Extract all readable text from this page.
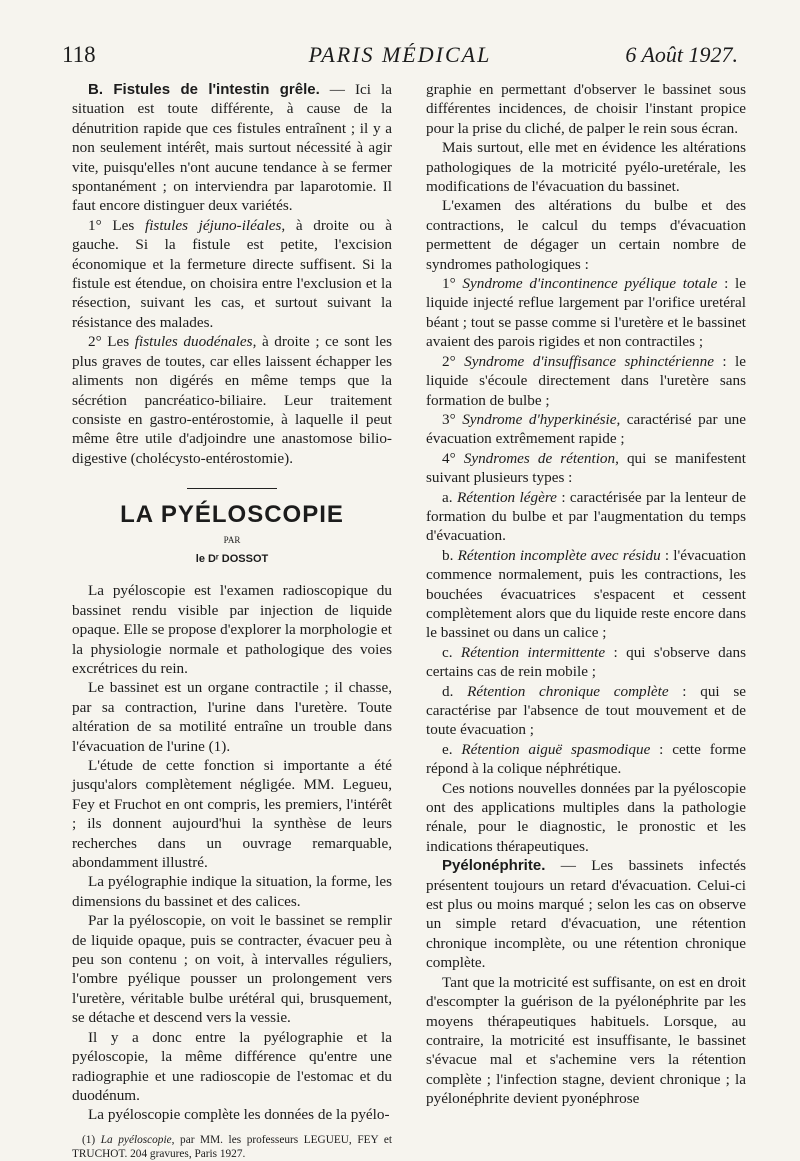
118	PARIS MÉDICAL	6 Août 1927.

B. Fistules de l'intestin grêle. — Ici la situation est toute différente, à cause de la dénutrition rapide que ces fistules entraînent ; il y a non seulement intérêt, mais surtout nécessité à agir vite, puisqu'elles n'ont aucune tendance à se fermer spontanément ; on interviendra par laparotomie. Il faut encore distinguer deux variétés.

1° Les fistules jéjuno-iléales, à droite ou à gauche. Si la fistule est petite, l'excision économique et la fermeture directe suffisent. Si la fistule est étendue, on choisira entre l'exclusion et la résection, suivant les cas, et surtout suivant la résistance des malades.

2° Les fistules duodénales, à droite ; ce sont les plus graves de toutes, car elles laissent échapper les aliments non digérés en même temps que la sécrétion pancréatico-biliaire. Leur traitement consiste en gastro-entérostomie, à laquelle il peut même être utile d'adjoindre une anastomose bilio-digestive (cholécysto-entérostomie).

LA PYÉLOSCOPIE
PAR
le Dʳ DOSSOT

La pyéloscopie est l'examen radioscopique du bassinet rendu visible par injection de liquide opaque. Elle se propose d'explorer la morphologie et la physiologie normale et pathologique des voies excrétrices du rein.

Le bassinet est un organe contractile ; il chasse, par sa contraction, l'urine dans l'uretère. Toute altération de sa motilité entraîne un trouble dans l'évacuation de l'urine (1).

L'étude de cette fonction si importante a été jusqu'alors complètement négligée. MM. Legueu, Fey et Fruchot en ont compris, les premiers, l'intérêt ; ils donnent aujourd'hui la synthèse de leurs recherches dans un ouvrage remarquable, abondamment illustré.

La pyélographie indique la situation, la forme, les dimensions du bassinet et des calices.

Par la pyéloscopie, on voit le bassinet se remplir de liquide opaque, puis se contracter, évacuer peu à peu son contenu ; on voit, à intervalles réguliers, l'ombre pyélique pousser un prolongement vers l'uretère, véritable bulbe urétéral qui, brusquement, se détache et descend vers la vessie.

Il y a donc entre la pyélographie et la pyéloscopie, la même différence qu'entre une radiographie et une radioscopie de l'estomac et du duodénum.

La pyéloscopie complète les données de la pyélo-

(1) La pyéloscopie, par MM. les professeurs LEGUEU, FEY et TRUCHOT. 204 gravures, Paris 1927.

graphie en permettant d'observer le bassinet sous différentes incidences, de choisir l'instant propice pour la prise du cliché, de palper le rein sous écran.

Mais surtout, elle met en évidence les altérations pathologiques de la motricité pyélo-uretérale, les modifications de l'évacuation du bassinet.

L'examen des altérations du bulbe et des contractions, le calcul du temps d'évacuation permettent de dégager un certain nombre de syndromes pathologiques :

1° Syndrome d'incontinence pyélique totale : le liquide injecté reflue largement par l'orifice uretéral béant ; tout se passe comme si l'uretère et le bassinet avaient des parois rigides et non contractiles ;

2° Syndrome d'insuffisance sphinctérienne : le liquide s'écoule directement dans l'uretère sans formation de bulbe ;

3° Syndrome d'hyperkinésie, caractérisé par une évacuation extrêmement rapide ;

4° Syndromes de rétention, qui se manifestent suivant plusieurs types :

a. Rétention légère : caractérisée par la lenteur de formation du bulbe et par l'augmentation du temps d'évacuation.

b. Rétention incomplète avec résidu : l'évacuation commence normalement, puis les contractions, les bouchées évacuatrices s'espacent et cessent complètement alors que du liquide reste encore dans le bassinet ou dans un calice ;

c. Rétention intermittente : qui s'observe dans certains cas de rein mobile ;

d. Rétention chronique complète : qui se caractérise par l'absence de tout mouvement et de toute évacuation ;

e. Rétention aiguë spasmodique : cette forme répond à la colique néphrétique.

Ces notions nouvelles données par la pyéloscopie ont des applications multiples dans la pathologie rénale, pour le diagnostic, le pronostic et les indications thérapeutiques.

Pyélonéphrite. — Les bassinets infectés présentent toujours un retard d'évacuation. Celui-ci est plus ou moins marqué ; selon les cas on observe un simple retard d'évacuation, une rétention chronique incomplète, ou une rétention chronique complète.

Tant que la motricité est suffisante, on est en droit d'escompter la guérison de la pyélonéphrite par les moyens thérapeutiques habituels. Lorsque, au contraire, la motricité est insuffisante, le bassinet s'évacue mal et s'achemine vers la rétention complète ; l'infection stagne, devient chronique ; la pyélonéphrite devient pyonéphrose
